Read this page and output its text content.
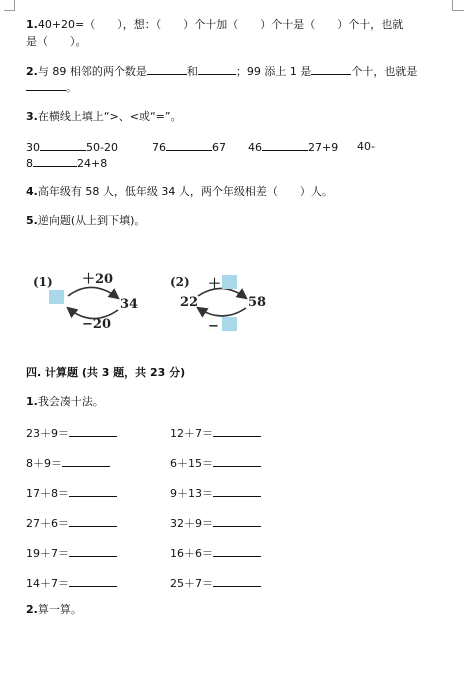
1.40+20=（　　），想：（　　）个十加（　　）个十是（　　）个十，也就
是（　　）。
2.与 89 相邻的两个数是	和	；99 添上 1 是	个十，也就是
。
3.在横线上填上“>、<或“=”。
30	50-20	76	67 46	27+9 40-
8	24+8
4.高年级有 58 人，低年级 34 人，两个年级相差（　　）人。
5.逆向题(从上到下填)。
(1) ＋20
34
−20
(2) ＋
22	58
−
四. 计算题 (共 3 题，共 23 分)
1.我会凑十法。
23＋9＝	12＋7＝
8＋9＝	6＋15＝
17＋8＝	9＋13＝
27＋6＝	32＋9＝
19＋7＝	16＋6＝
14＋7＝	25＋7＝
2.算一算。
